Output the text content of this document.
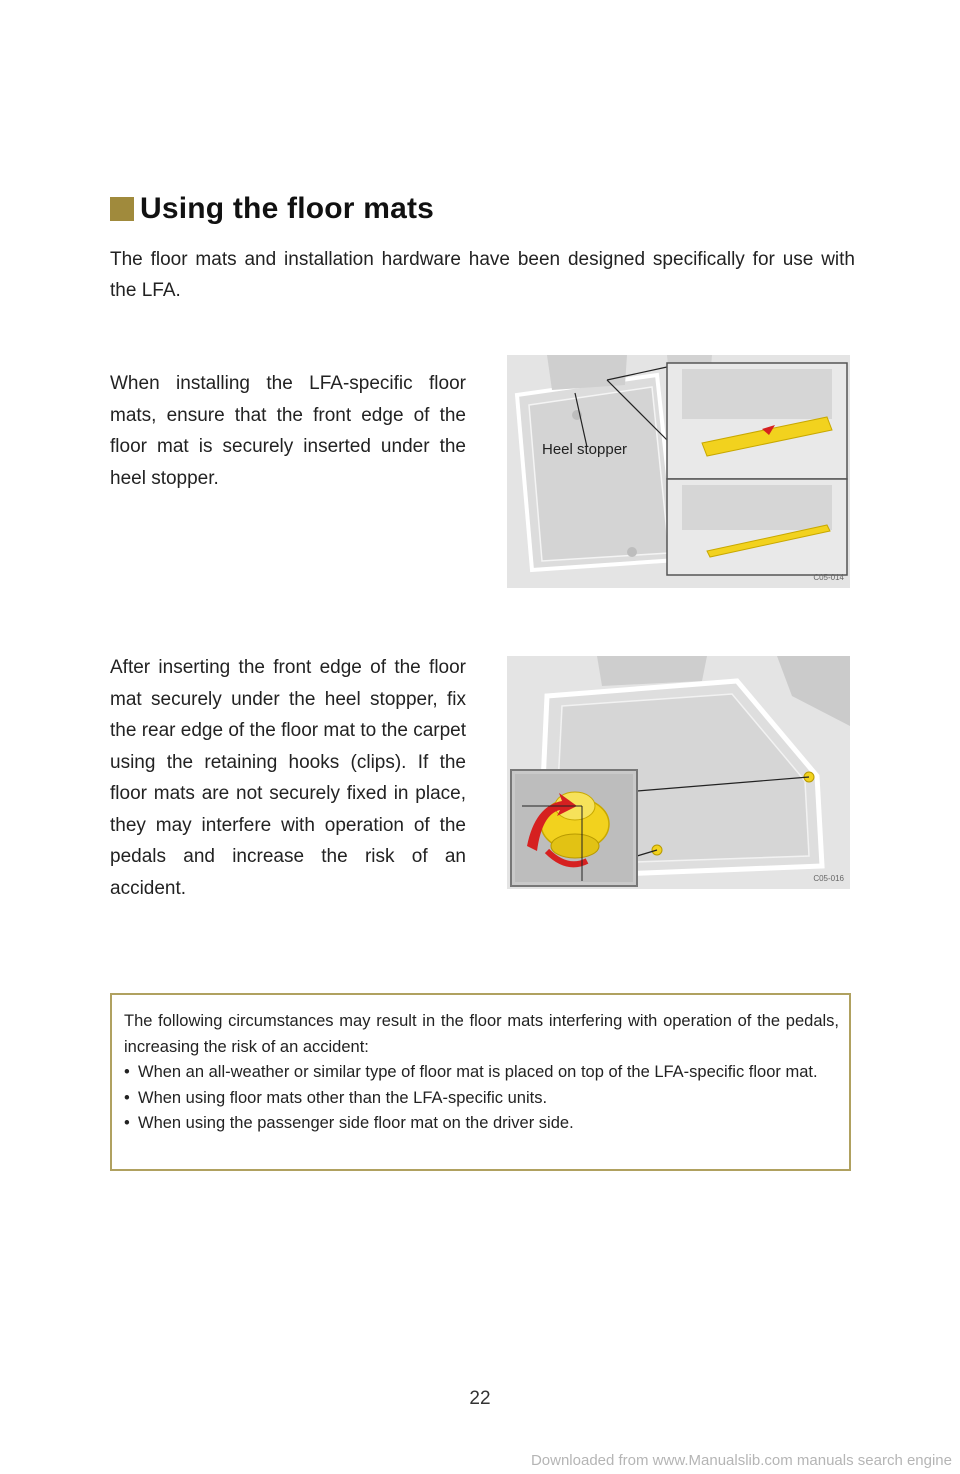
Using the floor mats
The floor mats and installation hardware have been designed specifically for use with the LFA.
When installing the LFA-specific floor mats, ensure that the front edge of the floor mat is securely inserted under the heel stopper.
Heel stopper
C05-014
After inserting the front edge of the floor mat securely under the heel stopper, fix the rear edge of the floor mat to the carpet using the retaining hooks (clips). If the floor mats are not securely fixed in place, they may interfere with operation of the pedals and increase the risk of an accident.	C05-016

The following circumstances may result in the floor mats interfering with operation of the pedals, increasing the risk of an accident:

• When an all-weather or similar type of floor mat is placed on top of the LFA-specific floor mat.
• When using floor mats other than the LFA-specific units.
• When using the passenger side floor mat on the driver side.
22
Downloaded from www.Manualslib.com manuals search engine
